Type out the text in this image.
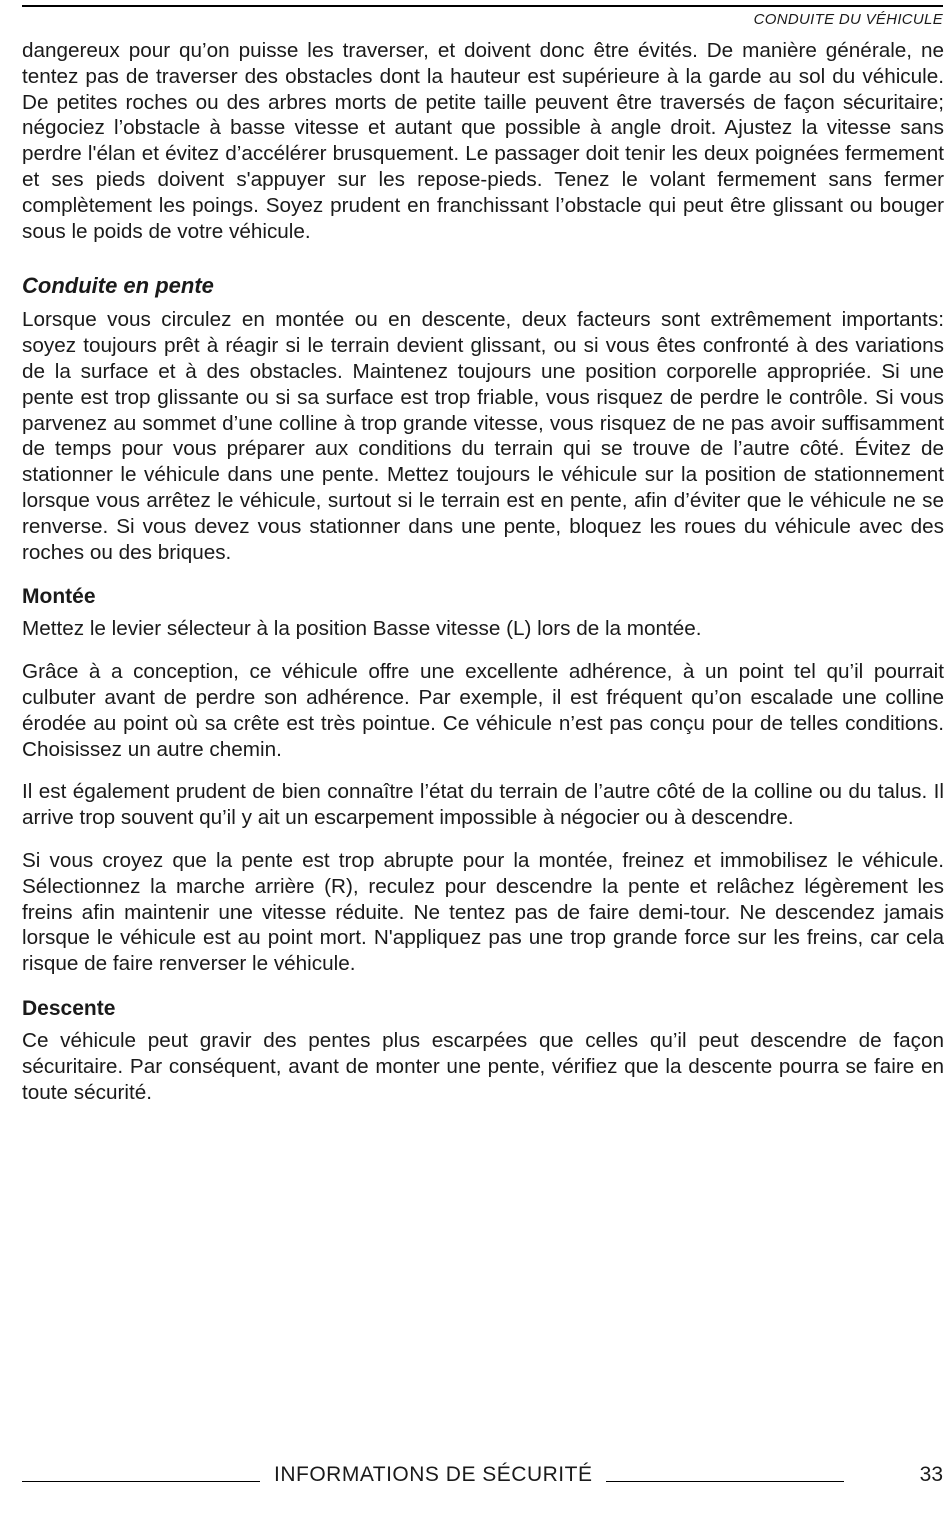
CONDUITE DU VÉHICULE

dangereux pour qu’on puisse les traverser, et doivent donc être évités. De manière générale, ne tentez pas de traverser des obstacles dont la hauteur est supérieure à la garde au sol du véhicule. De petites roches ou des arbres morts de petite taille peuvent être traversés de façon sécuritaire; négociez l’obstacle à basse vitesse et autant que possible à angle droit. Ajustez la vitesse sans perdre l'élan et évitez d’accélérer brusquement. Le passager doit tenir les deux poignées fermement et ses pieds doivent s'appuyer sur les repose-pieds. Tenez le volant fermement sans fermer complètement les poings. Soyez prudent en franchissant l’obstacle qui peut être glissant ou bouger sous le poids de votre véhicule.

Conduite en pente

Lorsque vous circulez en montée ou en descente, deux facteurs sont extrêmement importants: soyez toujours prêt à réagir si le terrain devient glissant, ou si vous êtes confronté à des variations de la surface et à des obstacles. Maintenez toujours une position corporelle appropriée. Si une pente est trop glissante ou si sa surface est trop friable, vous risquez de perdre le contrôle. Si vous parvenez au sommet d’une colline à trop grande vitesse, vous risquez de ne pas avoir suffisamment de temps pour vous préparer aux conditions du terrain qui se trouve de l’autre côté. Évitez de stationner le véhicule dans une pente. Mettez toujours le véhicule sur la position de stationnement lorsque vous arrêtez le véhicule, surtout si le terrain est en pente, afin d’éviter que le véhicule ne se renverse. Si vous devez vous stationner dans une pente, bloquez les roues du véhicule avec des roches ou des briques.

Montée

Mettez le levier sélecteur à la position Basse vitesse (L) lors de la montée.

Grâce à a conception, ce véhicule offre une excellente adhérence, à un point tel qu’il pourrait culbuter avant de perdre son adhérence. Par exemple, il est fréquent qu’on escalade une colline érodée au point où sa crête est très pointue. Ce véhicule n’est pas conçu pour de telles conditions. Choisissez un autre chemin.

Il est également prudent de bien connaître l’état du terrain de l’autre côté de la colline ou du talus. Il arrive trop souvent qu’il y ait un escarpement impossible à négocier ou à descendre.

Si vous croyez que la pente est trop abrupte pour la montée, freinez et immobilisez le véhicule. Sélectionnez la marche arrière (R), reculez pour descendre la pente et relâchez légèrement les freins afin maintenir une vitesse réduite. Ne tentez pas de faire demi-tour. Ne descendez jamais lorsque le véhicule est au point mort. N'appliquez pas une trop grande force sur les freins, car cela risque de faire renverser le véhicule.

Descente

Ce véhicule peut gravir des pentes plus escarpées que celles qu’il peut descendre de façon sécuritaire. Par conséquent, avant de monter une pente, vérifiez que la descente pourra se faire en toute sécurité.

INFORMATIONS DE SÉCURITÉ	33
